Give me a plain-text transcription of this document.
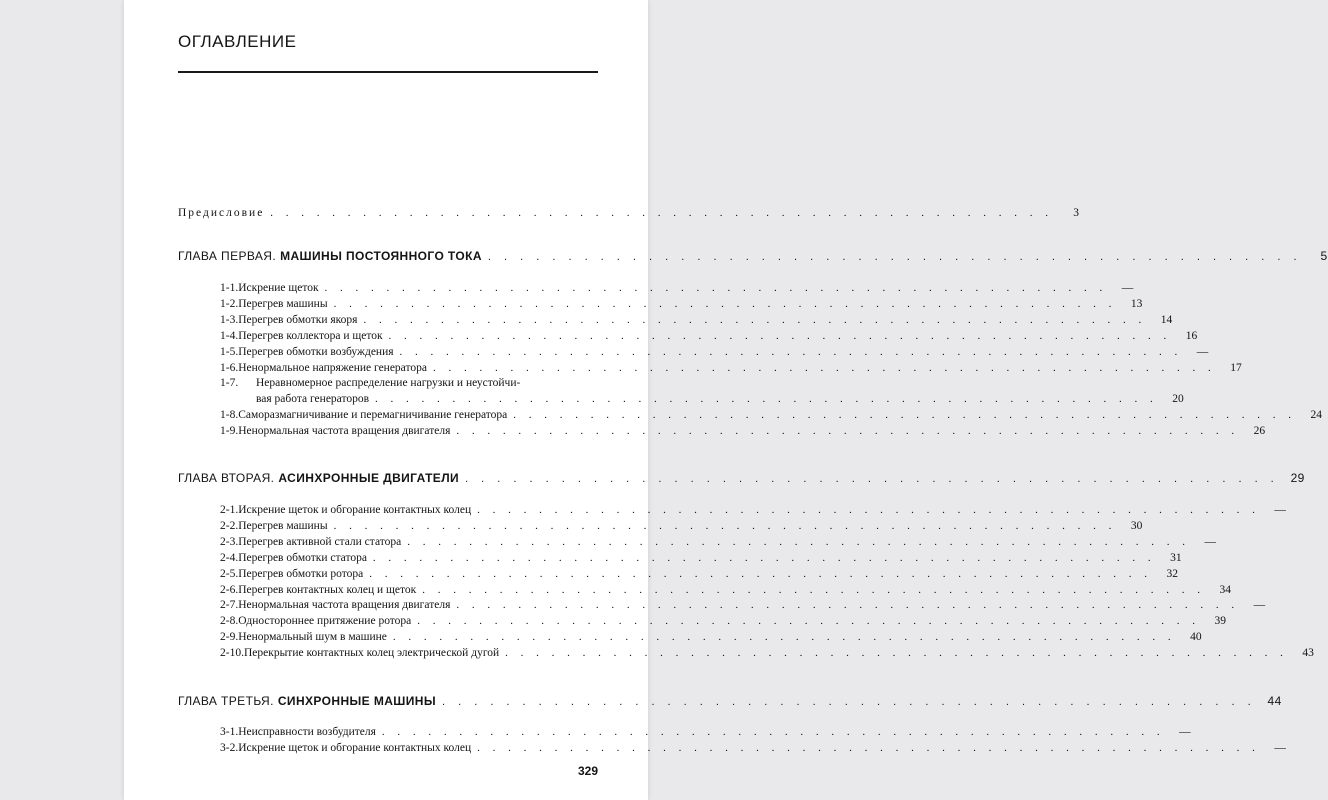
ОГЛАВЛЕНИЕ
Предисловие . . . . . . . . . . . . . . . . . . . . . . . . . . . . . . . . . . . . . . . . . . . . . . . . . . .	3
ГЛАВА ПЕРВАЯ. МАШИНЫ ПОСТОЯННОГО ТОКА . . . . . . . . . . . . . . . . . . . . . . . . . . . . . . . . . . . . . . . . . . . . . . . . . . .	5
1-1. Искрение щеток . . . . . . . . . . . . . . . . . . . . . . . . . . . . . . . . . . . . . . . . . . . . . . . . . . .	—
1-2. Перегрев машины . . . . . . . . . . . . . . . . . . . . . . . . . . . . . . . . . . . . . . . . . . . . . . . . . . .	13
1-3. Перегрев обмотки якоря . . . . . . . . . . . . . . . . . . . . . . . . . . . . . . . . . . . . . . . . . . . . . . . . . . .	14
1-4. Перегрев коллектора и щеток . . . . . . . . . . . . . . . . . . . . . . . . . . . . . . . . . . . . . . . . . . . . . . . . . . .	16
1-5. Перегрев обмотки возбуждения . . . . . . . . . . . . . . . . . . . . . . . . . . . . . . . . . . . . . . . . . . . . . . . . . . .	—
1-6. Ненормальное напряжение генератора . . . . . . . . . . . . . . . . . . . . . . . . . . . . . . . . . . . . . . . . . . . . . . . . . . .	17
1-7.	Неравномерное распределение нагрузки и неустойчи-
вая работа генераторов . . . . . . . . . . . . . . . . . . . . . . . . . . . . . . . . . . . . . . . . . . . . . . . . . . .	20
1-8. Саморазмагничивание и перемагничивание генератора . . . . . . . . . . . . . . . . . . . . . . . . . . . . . . . . . . . . . . . . . . . . . . . . . . .	24
1-9. Ненормальная частота вращения двигателя . . . . . . . . . . . . . . . . . . . . . . . . . . . . . . . . . . . . . . . . . . . . . . . . . . .	26
ГЛАВА ВТОРАЯ. АСИНХРОННЫЕ ДВИГАТЕЛИ . . . . . . . . . . . . . . . . . . . . . . . . . . . . . . . . . . . . . . . . . . . . . . . . . . . 29
2-1. Искрение щеток и обгорание контактных колец . . . . . . . . . . . . . . . . . . . . . . . . . . . . . . . . . . . . . . . . . . . . . . . . . . .	—
2-2. Перегрев машины . . . . . . . . . . . . . . . . . . . . . . . . . . . . . . . . . . . . . . . . . . . . . . . . . . .	30
2-3. Перегрев активной стали статора . . . . . . . . . . . . . . . . . . . . . . . . . . . . . . . . . . . . . . . . . . . . . . . . . . .	—
2-4. Перегрев обмотки статора . . . . . . . . . . . . . . . . . . . . . . . . . . . . . . . . . . . . . . . . . . . . . . . . . . .	31
2-5. Перегрев обмотки ротора . . . . . . . . . . . . . . . . . . . . . . . . . . . . . . . . . . . . . . . . . . . . . . . . . . .	32
2-6. Перегрев контактных колец и щеток . . . . . . . . . . . . . . . . . . . . . . . . . . . . . . . . . . . . . . . . . . . . . . . . . . .	34
2-7. Ненормальная частота вращения двигателя . . . . . . . . . . . . . . . . . . . . . . . . . . . . . . . . . . . . . . . . . . . . . . . . . . .	—
2-8. Одностороннее притяжение ротора . . . . . . . . . . . . . . . . . . . . . . . . . . . . . . . . . . . . . . . . . . . . . . . . . . .	39
2-9. Ненормальный шум в машине . . . . . . . . . . . . . . . . . . . . . . . . . . . . . . . . . . . . . . . . . . . . . . . . . . .	40
2-10. Перекрытие контактных колец электрической дугой . . . . . . . . . . . . . . . . . . . . . . . . . . . . . . . . . . . . . . . . . . . . . . . . . . .	43
ГЛАВА ТРЕТЬЯ. СИНХРОННЫЕ МАШИНЫ . . . . . . . . . . . . . . . . . . . . . . . . . . . . . . . . . . . . . . . . . . . . . . . . . . . 44
3-1. Неисправности возбудителя . . . . . . . . . . . . . . . . . . . . . . . . . . . . . . . . . . . . . . . . . . . . . . . . . . .	—
3-2. Искрение щеток и обгорание контактных колец . . . . . . . . . . . . . . . . . . . . . . . . . . . . . . . . . . . . . . . . . . . . . . . . . . .	—
329
